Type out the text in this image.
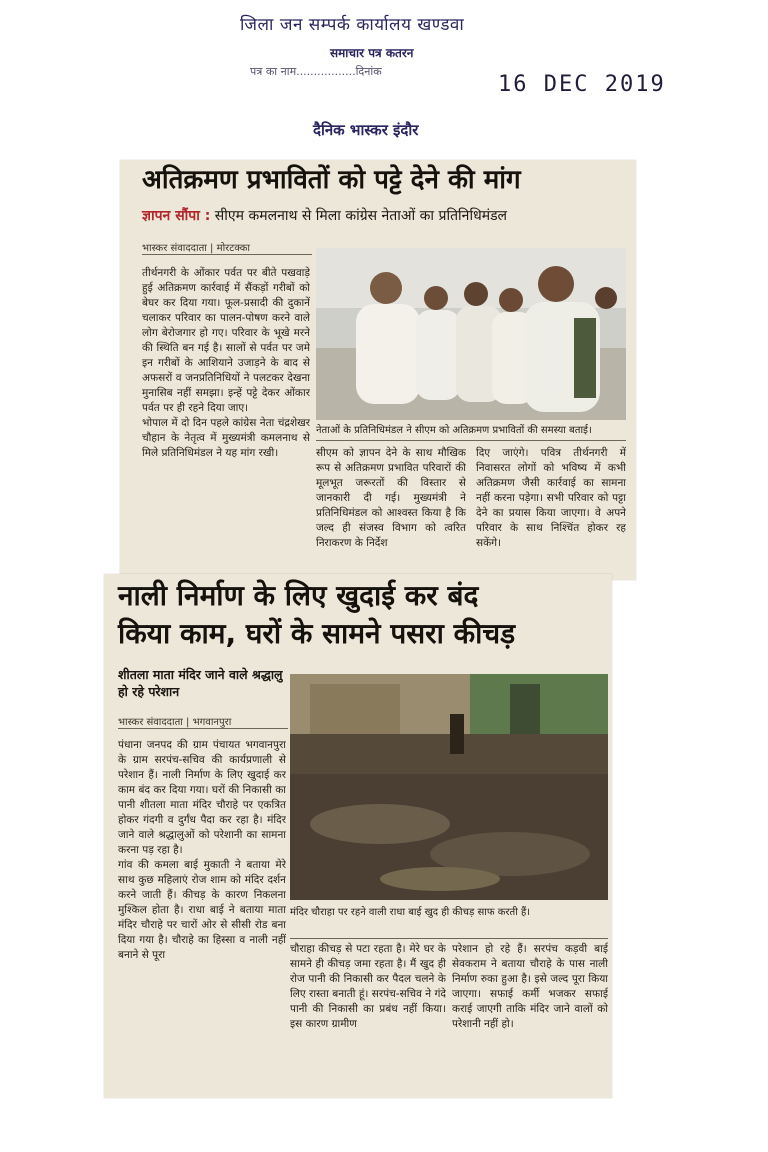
जिला जन सम्पर्क कार्यालय खण्डवा
समाचार पत्र कतरन
पत्र का नाम.................दिनांक
16 DEC 2019
दैनिक भास्कर इंदौर
अतिक्रमण प्रभावितों को पट्टे देने की मांग
ज्ञापन सौंपा : सीएम कमलनाथ से मिला कांग्रेस नेताओं का प्रतिनिधिमंडल
भास्कर संवाददाता | मोरटक्का
तीर्थनगरी के ओंकार पर्वत पर बीते पखवाड़े हुई अतिक्रमण कार्रवाई में सैंकड़ों गरीबों को बेघर कर दिया गया। फूल-प्रसादी की दुकानें चलाकर परिवार का पालन-पोषण करने वाले लोग बेरोजगार हो गए। परिवार के भूखे मरने की स्थिति बन गई है। सालों से पर्वत पर जमे इन गरीबों के आशियाने उजाड़ने के बाद से अफसरों व जनप्रतिनिधियों ने पलटकर देखना मुनासिब नहीं समझा। इन्हें पट्टे देकर ओंकार पर्वत पर ही रहने दिया जाए।
भोपाल में दो दिन पहले कांग्रेस नेता चंद्रशेखर चौहान के नेतृत्व में मुख्यमंत्री कमलनाथ से मिले प्रतिनिधिमंडल ने यह मांग रखी।
नेताओं के प्रतिनिधिमंडल ने सीएम को अतिक्रमण प्रभावितों की समस्या बताई।
सीएम को ज्ञापन देने के साथ मौखिक रूप से अतिक्रमण प्रभावित परिवारों की मूलभूत जरूरतों की विस्तार से जानकारी दी गई। मुख्यमंत्री ने प्रतिनिधिमंडल को आश्वस्त किया है कि जल्द ही संजस्व विभाग को त्वरित निराकरण के निर्देश
दिए जाएंगे। पवित्र तीर्थनगरी में निवासरत लोगों को भविष्य में कभी अतिक्रमण जैसी कार्रवाई का सामना नहीं करना पड़ेगा। सभी परिवार को पट्टा देने का प्रयास किया जाएगा। वे अपने परिवार के साथ निश्चिंत होकर रह सकेंगे।
नाली निर्माण के लिए खुदाई कर बंद
किया काम, घरों के सामने पसरा कीचड़
शीतला माता मंदिर जाने वाले श्रद्धालु हो रहे परेशान
भास्कर संवाददाता | भगवानपुरा
पंधाना जनपद की ग्राम पंचायत भगवानपुरा के ग्राम सरपंच-सचिव की कार्यप्रणाली से परेशान हैं। नाली निर्माण के लिए खुदाई कर काम बंद कर दिया गया। घरों की निकासी का पानी शीतला माता मंदिर चौराहे पर एकत्रित होकर गंदगी व दुर्गंध पैदा कर रहा है। मंदिर जाने वाले श्रद्धालुओं को परेशानी का सामना करना पड़ रहा है।
गांव की कमला बाई मुकाती ने बताया मेरे साथ कुछ महिलाएं रोज शाम को मंदिर दर्शन करने जाती हैं। कीचड़ के कारण निकलना मुश्किल होता है। राधा बाई ने बताया माता मंदिर चौराहे पर चारों ओर से सीसी रोड बना दिया गया है। चौराहे का हिस्सा व नाली नहीं बनाने से पूरा
मंदिर चौराहा पर रहने वाली राधा बाई खुद ही कीचड़ साफ करती हैं।
चौराहा कीचड़ से पटा रहता है। मेरे घर के सामने ही कीचड़ जमा रहता है। मैं खुद ही रोज पानी की निकासी कर पैदल चलने के लिए रास्ता बनाती हूं। सरपंच-सचिव ने गंदे पानी की निकासी का प्रबंध नहीं किया। इस कारण ग्रामीण
परेशान हो रहे हैं। सरपंच कड़वी बाई सेवकराम ने बताया चौराहे के पास नाली निर्माण रुका हुआ है। इसे जल्द पूरा किया जाएगा। सफाई कर्मी भजकर सफाई कराई जाएगी ताकि मंदिर जाने वालों को परेशानी नहीं हो।
